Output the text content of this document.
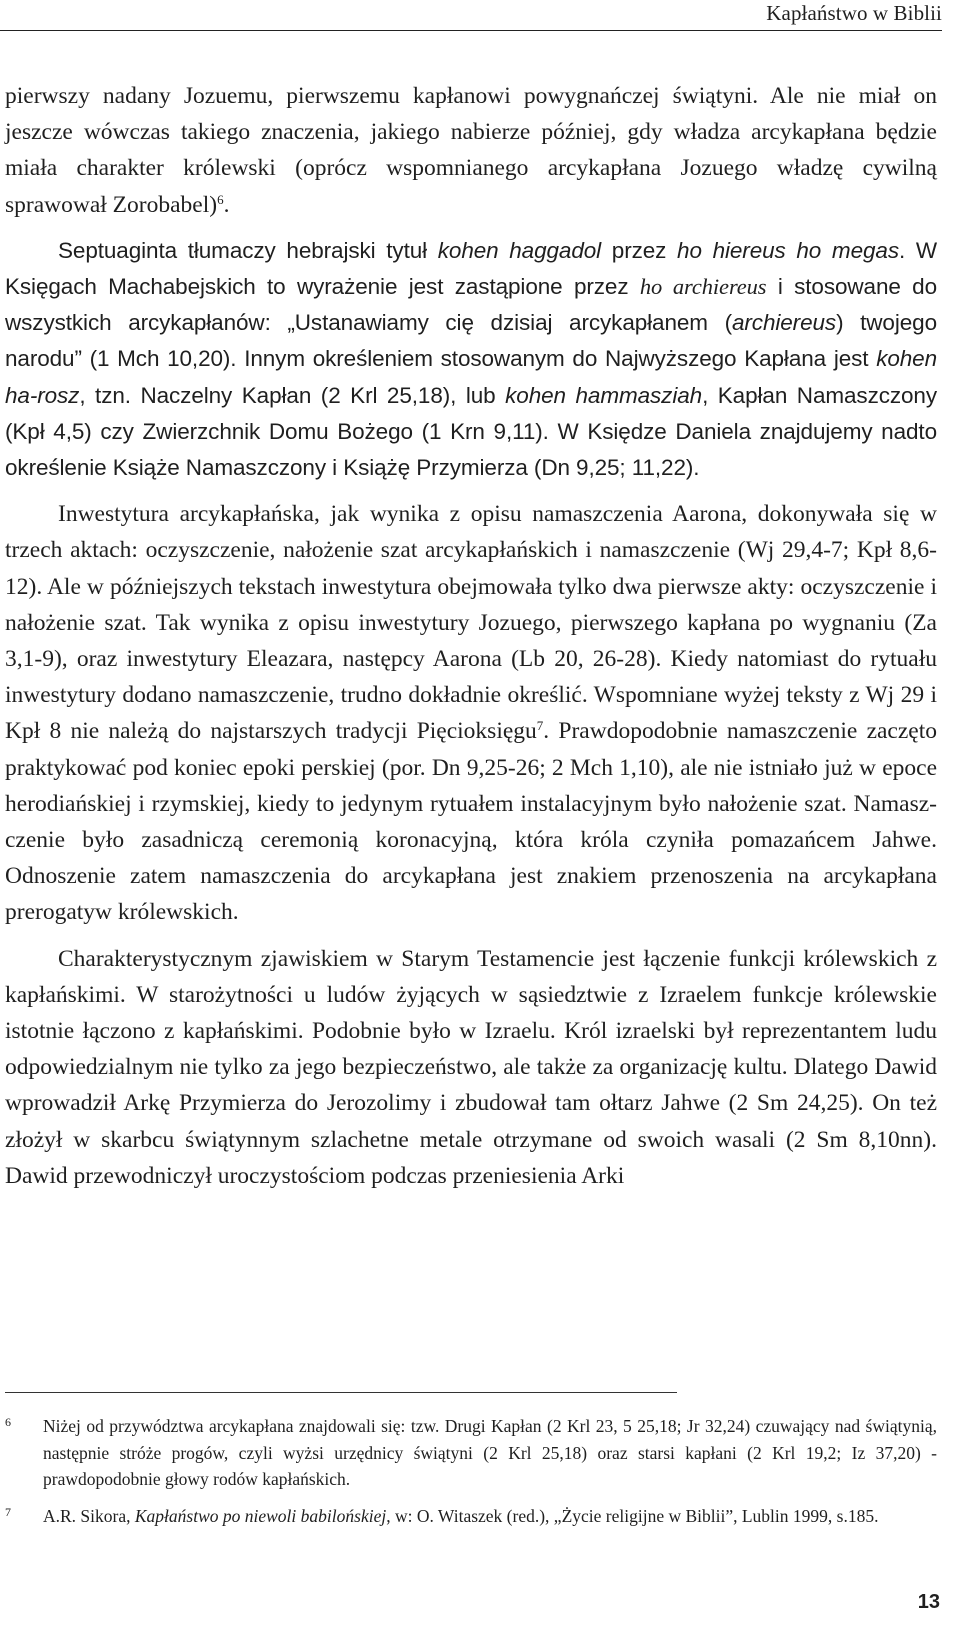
Kapłaństwo w Biblii

pierwszy nadany Jozuemu, pierwszemu kapłanowi powygnańczej świątyni. Ale nie miał on jeszcze wówczas takiego znaczenia, jakiego nabierze później, gdy władza arcykapłana będzie miała charakter królewski (oprócz wspomnianego arcykapłana Jozuego władzę cywilną sprawował Zorobabel)$^6$.

Septuaginta tłumaczy hebrajski tytuł kohen haggadol przez ho hiereus ho megas. W Księgach Machabejskich to wyrażenie jest zastąpione przez ho archiereus i stosowane do wszystkich arcykapłanów: „Ustanawiamy cię dzisiaj arcykapłanem (archiereus) twojego narodu” (1 Mch 10,20). Innym określeniem stosowanym do Najwyższego Kapłana jest kohen ha-rosz, tzn. Naczelny Kapłan (2 Krl 25,18), lub kohen hammasziah, Kapłan Namaszczony (Kpł 4,5) czy Zwierzchnik Domu Bożego (1 Krn 9,11). W Księdze Daniela znajdujemy nadto określenie Książe Namaszczony i Książę Przymierza (Dn 9,25; 11,22).

Inwestytura arcykapłańska, jak wynika z opisu namaszczenia Aarona, dokonywała się w trzech aktach: oczyszczenie, nałożenie szat arcykapłańskich i namaszczenie (Wj 29,4-7; Kpł 8,6-12). Ale w późniejszych tekstach inwestytura obejmowała tylko dwa pierwsze akty: oczyszczenie i nałożenie szat. Tak wynika z opisu inwestytury Jozuego, pierwszego kapłana po wygnaniu (Za 3,1-9), oraz inwestytury Eleazara, następcy Aarona (Lb 20, 26-28). Kiedy natomiast do rytuału inwestytury dodano namaszczenie, trudno dokładnie określić. Wspomniane wyżej teksty z Wj 29 i Kpł 8 nie należą do najstarszych tradycji Pięcioksięgu$^7$. Prawdopodobnie namaszczenie zaczęto praktykować pod koniec epoki perskiej (por. Dn 9,25-26; 2 Mch 1,10), ale nie istniało już w epoce herodiańskiej i rzymskiej, kiedy to jedynym rytuałem instalacyjnym było nałożenie szat. Namaszczenie było zasadniczą ceremonią koronacyjną, która króla czyniła pomazańcem Jahwe. Odnoszenie zatem namaszczenia do arcykapłana jest znakiem przenoszenia na arcykapłana prerogatyw królewskich.

Charakterystycznym zjawiskiem w Starym Testamencie jest łączenie funkcji królewskich z kapłańskimi. W starożytności u ludów żyjących w sąsiedztwie z Izraelem funkcje królewskie istotnie łączono z kapłańskimi. Podobnie było w Izraelu. Król izraelski był reprezentantem ludu odpowiedzialnym nie tylko za jego bezpieczeństwo, ale także za organizację kultu. Dlatego Dawid wprowadził Arkę Przymierza do Jerozolimy i zbudował tam ołtarz Jahwe (2 Sm 24,25). On też złożył w skarbcu świątynnym szlachetne metale otrzymane od swoich wasali (2 Sm 8,10nn). Dawid przewodniczył uroczystościom podczas przeniesienia Arki

6 Niżej od przywództwa arcykapłana znajdowali się: tzw. Drugi Kapłan (2 Krl 23, 5 25,18; Jr 32,24) czuwający nad świątynią, następnie stróże progów, czyli wyżsi urzędnicy świątyni (2 Krl 25,18) oraz starsi kapłani (2 Krl 19,2; Iz 37,20) - prawdopodobnie głowy rodów kapłańskich.
7 A.R. Sikora, Kapłaństwo po niewoli babilońskiej, w: O. Witaszek (red.), „Życie religijne w Biblii”, Lublin 1999, s.185.
13
